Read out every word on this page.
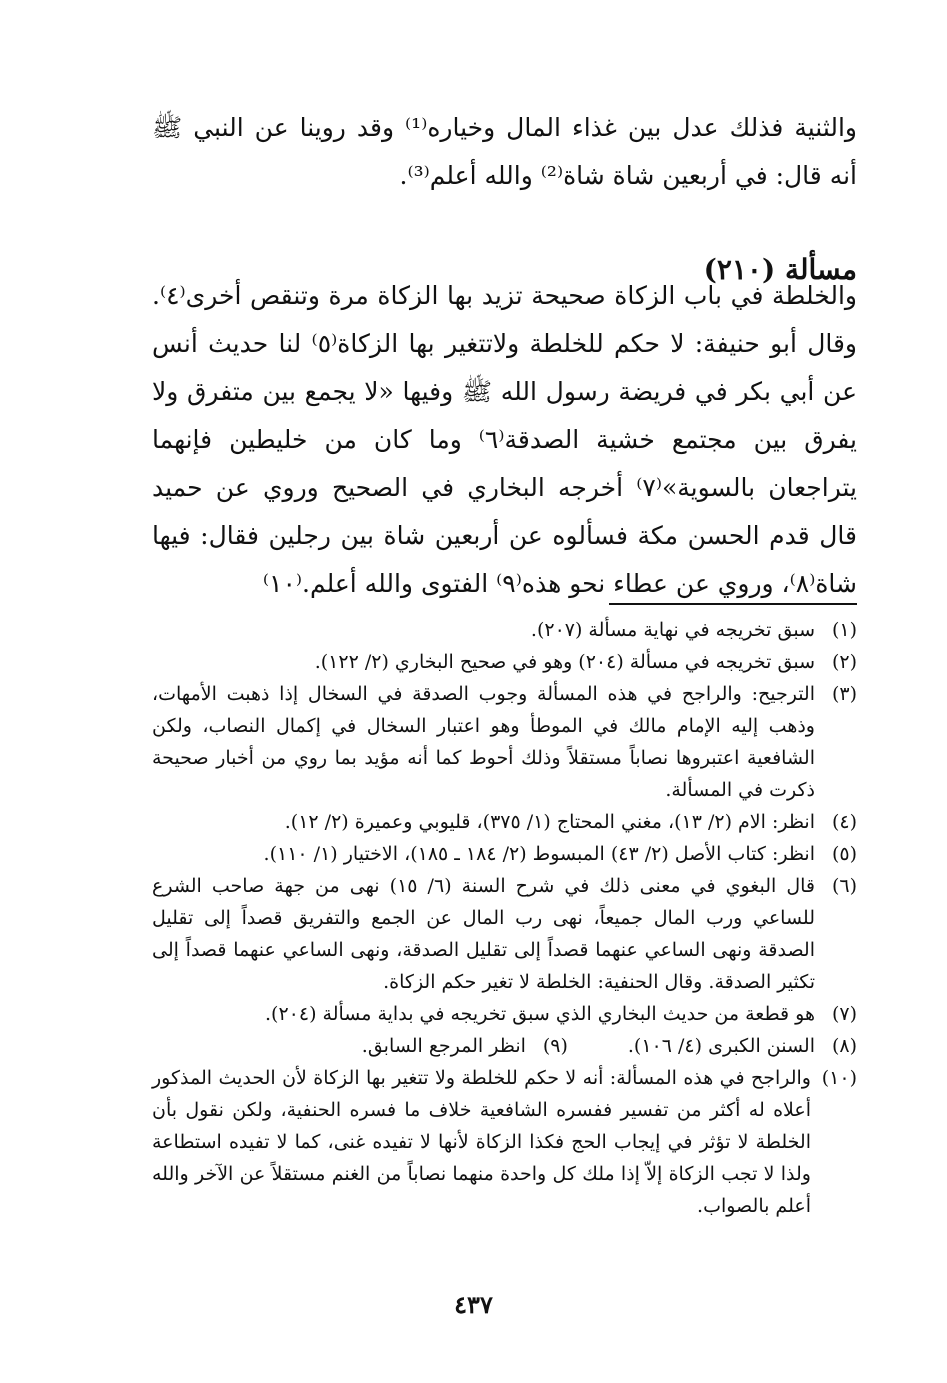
والثنية فذلك عدل بين غذاء المال وخياره⁽¹⁾ وقد روينا عن النبي ﷺ أنه قال: في أربعين شاة شاة⁽²⁾ والله أعلم⁽³⁾.

مسألة (٢١٠)

والخلطة في باب الزكاة صحيحة تزيد بها الزكاة مرة وتنقص أخرى⁽٤⁾. وقال أبو حنيفة: لا حكم للخلطة ولاتتغير بها الزكاة⁽٥⁾ لنا حديث أنس عن أبي بكر في فريضة رسول الله ﷺ وفيها «لا يجمع بين متفرق ولا يفرق بين مجتمع خشية الصدقة⁽٦⁾ وما كان من خليطين فإنهما يتراجعان بالسوية»⁽٧⁾ أخرجه البخاري في الصحيح وروي عن حميد قال قدم الحسن مكة فسألوه عن أربعين شاة بين رجلين فقال: فيها شاة⁽٨⁾، وروي عن عطاء نحو هذه⁽٩⁾ الفتوى والله أعلم.⁽١٠⁾

(١)
سبق تخريجه في نهاية مسألة (٢٠٧).
(٢)
سبق تخريجه في مسألة (٢٠٤) وهو في صحيح البخاري (٢/ ١٢٢).
(٣)
الترجيح: والراجح في هذه المسألة وجوب الصدقة في السخال إذا ذهبت الأمهات، وذهب إليه الإمام مالك في الموطأ وهو اعتبار السخال في إكمال النصاب، ولكن الشافعية اعتبروها نصاباً مستقلاً وذلك أحوط كما أنه مؤيد بما روي من أخبار صحيحة ذكرت في المسألة.
(٤)
انظر: الام (٢/ ١٣)، مغني المحتاج (١/ ٣٧٥)، قليوبي وعميرة (٢/ ١٢).
(٥)
انظر: كتاب الأصل (٢/ ٤٣) المبسوط (٢/ ١٨٤ ـ ١٨٥)، الاختيار (١/ ١١٠).
(٦)
قال البغوي في معنى ذلك في شرح السنة (٦/ ١٥) نهى من جهة صاحب الشرع للساعي ورب المال جميعاً، نهى رب المال عن الجمع والتفريق قصداً إلى تقليل الصدقة ونهى الساعي عنهما قصداً إلى تقليل الصدقة، ونهى الساعي عنهما قصداً إلى تكثير الصدقة. وقال الحنفية: الخلطة لا تغير حكم الزكاة.
(٧)
هو قطعة من حديث البخاري الذي سبق تخريجه في بداية مسألة (٢٠٤).
(٨)
السنن الكبرى (٤/ ١٠٦).
(٩)
انظر المرجع السابق.
(١٠)
والراجح في هذه المسألة: أنه لا حكم للخلطة ولا تتغير بها الزكاة لأن الحديث المذكور أعلاه له أكثر من تفسير ففسره الشافعية خلاف ما فسره الحنفية، ولكن نقول بأن الخلطة لا تؤثر في إيجاب الحج فكذا الزكاة لأنها لا تفيده غنى، كما لا تفيده استطاعة ولذا لا تجب الزكاة إلاّ إذا ملك كل واحدة منهما نصاباً من الغنم مستقلاً عن الآخر والله أعلم بالصواب.
٤٣٧
